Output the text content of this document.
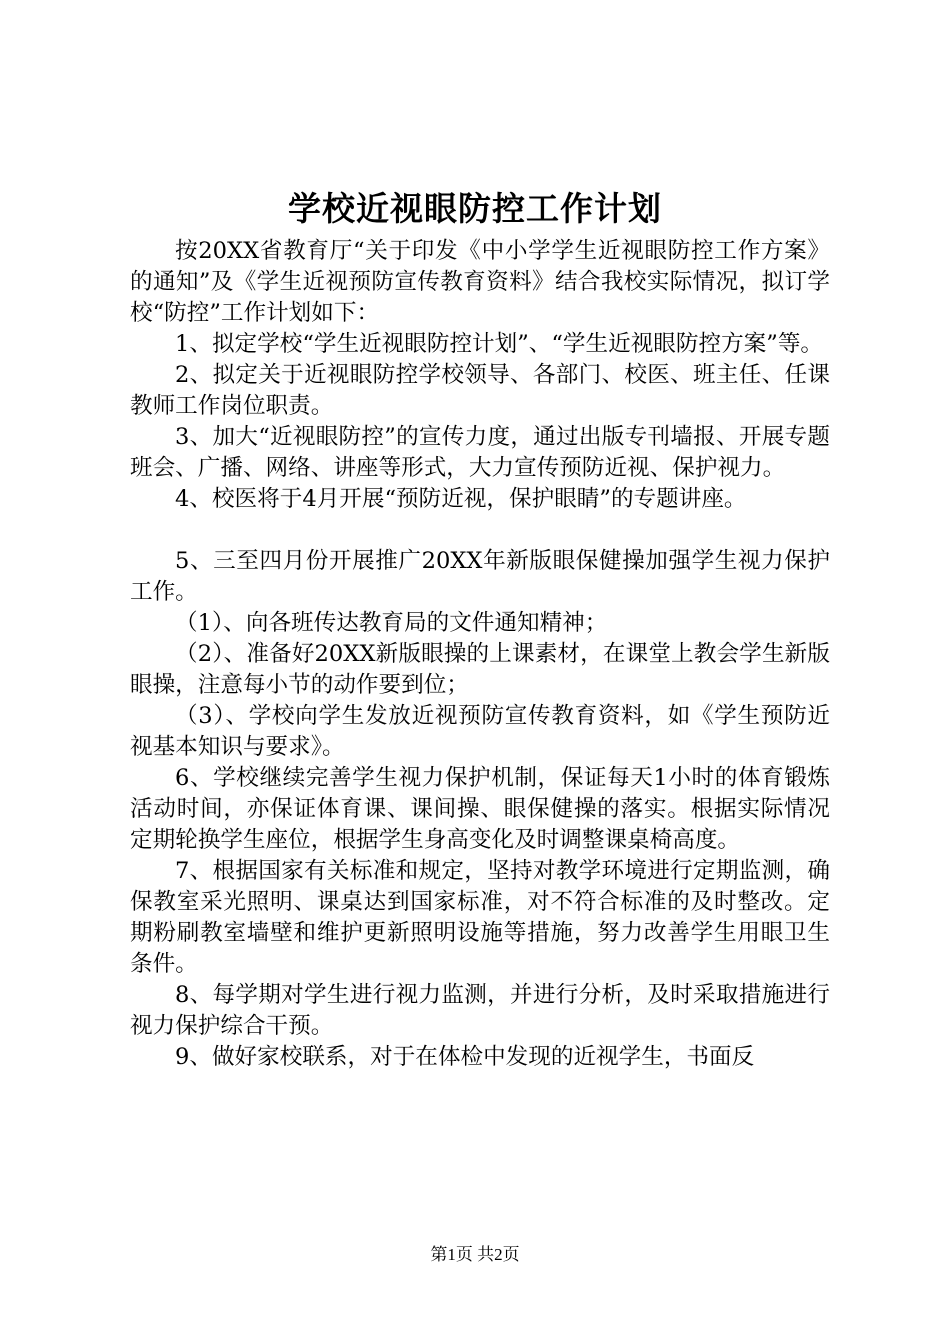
学校近视眼防控工作计划

按20XX省教育厅“关于印发《中小学学生近视眼防控工作方案》的通知”及《学生近视预防宣传教育资料》结合我校实际情况，拟订学校“防控”工作计划如下：

1、拟定学校“学生近视眼防控计划”、“学生近视眼防控方案”等。

2、拟定关于近视眼防控学校领导、各部门、校医、班主任、任课教师工作岗位职责。

3、加大“近视眼防控”的宣传力度，通过出版专刊墙报、开展专题班会、广播、网络、讲座等形式，大力宣传预防近视、保护视力。

4、校医将于4月开展“预防近视，保护眼睛”的专题讲座。

5、三至四月份开展推广20XX年新版眼保健操加强学生视力保护工作。

（1）、向各班传达教育局的文件通知精神；

（2）、准备好20XX新版眼操的上课素材，在课堂上教会学生新版眼操，注意每小节的动作要到位；

（3）、学校向学生发放近视预防宣传教育资料，如《学生预防近视基本知识与要求》。

6、学校继续完善学生视力保护机制，保证每天1小时的体育锻炼活动时间，亦保证体育课、课间操、眼保健操的落实。根据实际情况定期轮换学生座位，根据学生身高变化及时调整课桌椅高度。

7、根据国家有关标准和规定，坚持对教学环境进行定期监测，确保教室采光照明、课桌达到国家标准，对不符合标准的及时整改。定期粉刷教室墙壁和维护更新照明设施等措施，努力改善学生用眼卫生条件。

8、每学期对学生进行视力监测，并进行分析，及时采取措施进行视力保护综合干预。

9、做好家校联系，对于在体检中发现的近视学生，书面反

第1页 共2页
